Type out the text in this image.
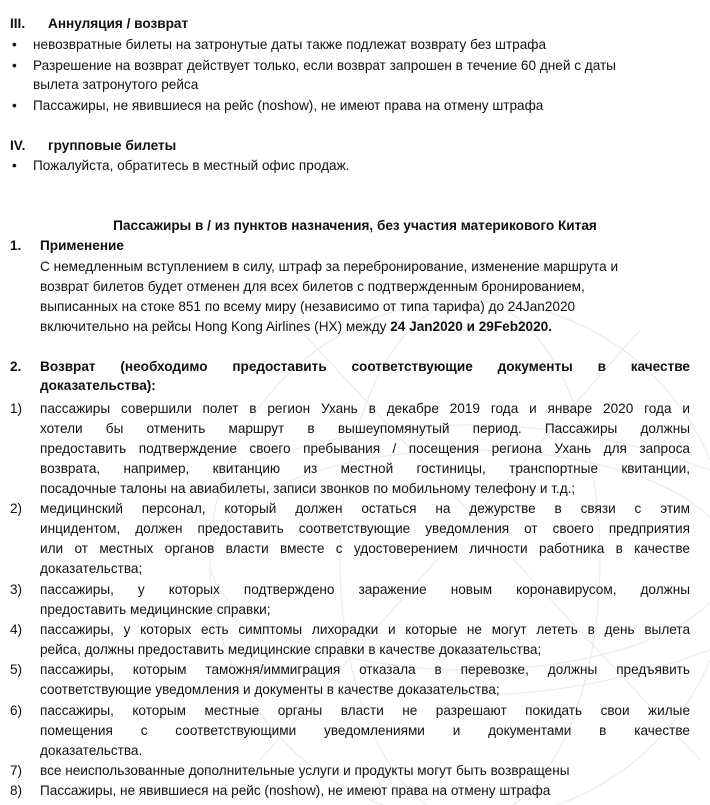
III. Аннуляция / возврат
• невозвратные билеты на затронутые даты также подлежат возврату без штрафа
• Разрешение на возврат действует только, если возврат запрошен в течение 60 дней с даты
вылета затронутого рейса
• Пассажиры, не явившиеся на рейс (noshow), не имеют права на отмену штрафа
IV. групповые билеты
• Пожалуйста, обратитесь в местный офис продаж.
Пассажиры в / из пунктов назначения, без участия материкового Китая
1. Применение
С немедленным вступлением в силу, штраф за перебронирование, изменение маршрута и
возврат билетов будет отменен для всех билетов с подтвержденным бронированием,
выписанных на стоке 851 по всему миру (независимо от типа тарифа) до 24Jan2020
включительно на рейсы Hong Kong Airlines (HX) между 24 Jan2020 и 29Feb2020.
2. Возврат (необходимо предоставить соответствующие документы в качестве
доказательства):
1) пассажиры совершили полет в регион Ухань в декабре 2019 года и январе 2020 года и
хотели бы отменить маршрут в вышеупомянутый период. Пассажиры должны
предоставить подтверждение своего пребывания / посещения региона Ухань для запроса
возврата, например, квитанцию из местной гостиницы, транспортные квитанции,
посадочные талоны на авиабилеты, записи звонков по мобильному телефону и т.д.;
2) медицинский персонал, который должен остаться на дежурстве в связи с этим
инцидентом, должен предоставить соответствующие уведомления от своего предприятия
или от местных органов власти вместе с удостоверением личности работника в качестве
доказательства;
3) пассажиры, у которых подтверждено заражение новым коронавирусом, должны
предоставить медицинские справки;
4) пассажиры, у которых есть симптомы лихорадки и которые не могут лететь в день вылета
рейса, должны предоставить медицинские справки в качестве доказательства;
5) пассажиры, которым таможня/иммиграция отказала в перевозке, должны предъявить
соответствующие уведомления и документы в качестве доказательства;
6) пассажиры, которым местные органы власти не разрешают покидать свои жилые
помещения с соответствующими уведомлениями и документами в качестве
доказательства.
7) все неиспользованные дополнительные услуги и продукты могут быть возвращены
8) Пассажиры, не явившиеся на рейс (noshow), не имеют права на отмену штрафа
